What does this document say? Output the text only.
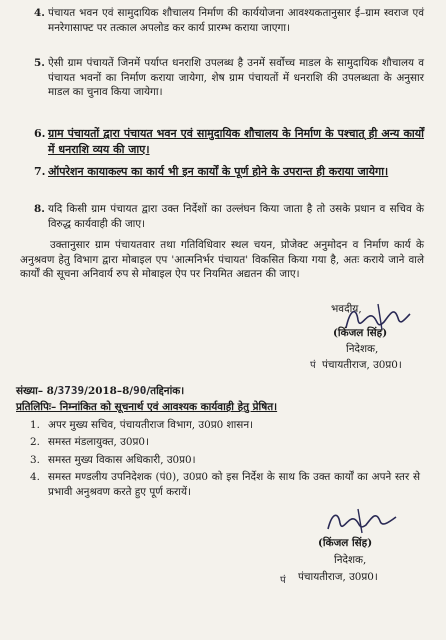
4. पंचायत भवन एवं सामुदायिक शौचालय निर्माण की कार्ययोजना आवश्यकतानुसार ई–ग्राम स्वराज एवं मनरेगासाफ्ट पर तत्काल अपलोड कर कार्य प्रारम्भ कराया जाएगा।
5. ऐसी ग्राम पंचायतें जिनमें पर्याप्त धनराशि उपलब्ध है उनमें सर्वोच्च माडल के सामुदायिक शौचालय व पंचायत भवनों का निर्माण कराया जायेगा, शेष ग्राम पंचायतों में धनराशि की उपलब्धता के अनुसार माडल का चुनाव किया जायेगा।
6. ग्राम पंचायतों द्वारा पंचायत भवन एवं सामुदायिक शौचालय के निर्माण के पश्चात् ही अन्य कार्यों में धनराशि व्यय की जाए।
7. ऑपरेशन कायाकल्प का कार्य भी इन कार्यों के पूर्ण होने के उपरान्त ही कराया जायेगा।
8. यदि किसी ग्राम पंचायत द्वारा उक्त निर्देशों का उल्लंघन किया जाता है तो उसके प्रधान व सचिव के विरुद्ध कार्यवाही की जाए।
उक्तानुसार ग्राम पंचायतवार तथा गतिविधिवार स्थल चयन, प्रोजेक्ट अनुमोदन व निर्माण कार्य के अनुश्रवण हेतु विभाग द्वारा मोबाइल एप 'आत्मनिर्भर पंचायत' विकसित किया गया है, अतः कराये जाने वाले कार्यों की सूचना अनिवार्य रुप से मोबाइल ऐप पर नियमित अद्यतन की जाए।
भवदीय,
(किंजल सिंह)
निदेशक,
पं पंचायतीराज, उ0प्र0।
संख्या– 8/3739/2018–8/90/तद्दिनांक।
प्रतिलिपिः– निम्नांकित को सूचनार्थ एवं आवश्यक कार्यवाही हेतु प्रेषित।
1. अपर मुख्य सचिव, पंचायतीराज विभाग, उ0प्र0 शासन।
2. समस्त मंडलायुक्त, उ0प्र0।
3. समस्त मुख्य विकास अधिकारी, उ0प्र0।
4. समस्त मण्डलीय उपनिदेशक (पं0), उ0प्र0 को इस निर्देश के साथ कि उक्त कार्यों का अपने स्तर से प्रभावी अनुश्रवण करते हुए पूर्ण करायें।
(किंजल सिंह)
निदेशक,
पं पंचायतीराज, उ0प्र0।
